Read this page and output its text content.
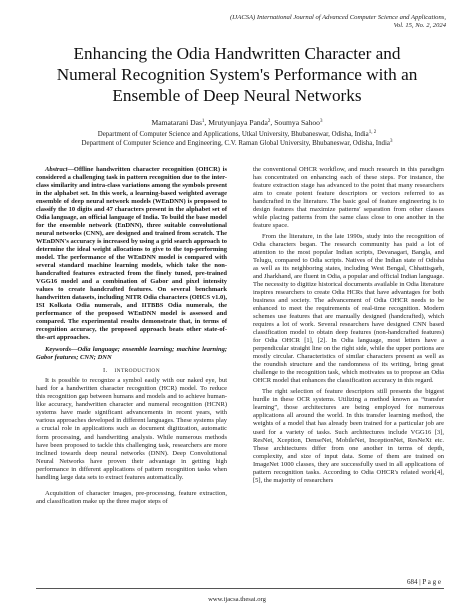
(IJACSA) International Journal of Advanced Computer Science and Applications,
Vol. 15, No. 2, 2024
Enhancing the Odia Handwritten Character and
Numeral Recognition System's Performance with an
Ensemble of Deep Neural Networks
Mamatarani Das$^1$, Mrutyunjaya Panda$^2$, Soumya Sahoo$^3$
Department of Computer Science and Applications, Utkal University, Bhubaneswar, Odisha, India$^{1, 2}$
Department of Computer Science and Engineering, C.V. Raman Global University, Bhubaneswar, Odisha, India$^3$

Abstract—Offline handwritten character recognition (OHCR) is considered a challenging task in pattern recognition due to the inter-class similarity and intra-class variations among the symbols present in the alphabet set. In this work, a learning-based weighted average ensemble of deep neural network models (WEnDNN) is proposed to classify the 10 digits and 47 characters present in the alphabet set of Odia language, an official language of India. To build the base model for the ensemble network (EnDNN), three suitable convolutional neural networks (CNN), are designed and trained from scratch. The WEnDNN's accuracy is increased by using a grid search approach to determine the ideal weight allocations to give to the top-performing model. The performance of the WEnDNN model is compared with several standard machine learning models, which take the non-handcrafted features extracted from the finely tuned, pre-trained VGG16 model and a combination of Gabor and pixel intensity values to create handcrafted features. On several benchmark handwritten datasets, including NITR Odia characters (OHCS v1.0), ISI Kolkata Odia numerals, and IITBBS Odia numerals, the performance of the proposed WEnDNN model is assessed and compared. The experimental results demonstrate that, in terms of recognition accuracy, the proposed approach beats other state-of-the-art approaches.

Keywords—Odia language; ensemble learning; machine learning; Gabor features; CNN; DNN

I.  INTRODUCTION

It is possible to recognize a symbol easily with our naked eye, but hard for a handwritten character recognition (HCR) model. To reduce this recognition gap between humans and models and to achieve human-like accuracy, handwritten character and numeral recognition (HCNR) systems have made significant advancements in recent years, with various approaches developed in different languages. These systems play a crucial role in applications such as document digitization, automatic form processing, and handwriting analysis. While numerous methods have been proposed to tackle this challenging task, researchers are more inclined towards deep neural networks (DNN). Deep Convolutional Neural Networks have proven their advantage in getting high performance in different applications of pattern recognition tasks when handling large data sets to extract features automatically.

Acquisition of character images, pre-processing, feature extraction, and classification make up the three major steps of

the conventional OHCR workflow, and much research in this paradigm has concentrated on enhancing each of these steps. For instance, the feature extraction stage has advanced to the point that many researchers aim to create potent feature descriptors or vectors referred to as handcrafted in the literature. The basic goal of feature engineering is to design features that maximize patterns' separation from other classes while placing patterns from the same class close to one another in the feature space.

From the literature, in the late 1990s, study into the recognition of Odia characters began. The research community has paid a lot of attention to the most popular Indian scripts, Devanagari, Bangla, and Telugu, compared to Odia scripts. Natives of the Indian state of Odisha as well as its neighboring states, including West Bengal, Chhattisgarh, and Jharkhand, are fluent in Odia, a popular and official Indian language. The necessity to digitize historical documents available in Odia literature inspires researchers to create Odia HCRs that have advantages for both business and society. The advancement of Odia OHCR needs to be enhanced to meet the requirements of real-time recognition. Modern schemes use features that are manually designed (handcrafted), which requires a lot of work. Several researchers have designed CNN based classification model to obtain deep features (non-handcrafted features) for Odia OHCR [1], [2]. In Odia language, most letters have a perpendicular straight line on the right side, while the upper portions are mostly circular. Characteristics of similar characters present as well as the roundish structure and the randomness of its writing, bring great challenge to the recognition task, which motivates us to propose an Odia OHCR model that enhances the classification accuracy in this regard.

The right selection of feature descriptors still presents the biggest hurdle in these OCR systems. Utilizing a method known as “transfer learning”, those architectures are being employed for numerous applications all around the world. In this transfer learning method, the weights of a model that has already been trained for a particular job are used for a variety of tasks. Such architectures include VGG16 [3], ResNet, Xception, DenseNet, MobileNet, InceptionNet, ResNeXt etc. These architectures differ from one another in terms of depth, complexity, and size of input data. Some of them are trained on ImageNet 1000 classes, they are successfully used in all applications of pattern recognition tasks. According to Odia OHCR's related work[4], [5], the majority of researchers

684 | P a g e
www.ijacsa.thesai.org
